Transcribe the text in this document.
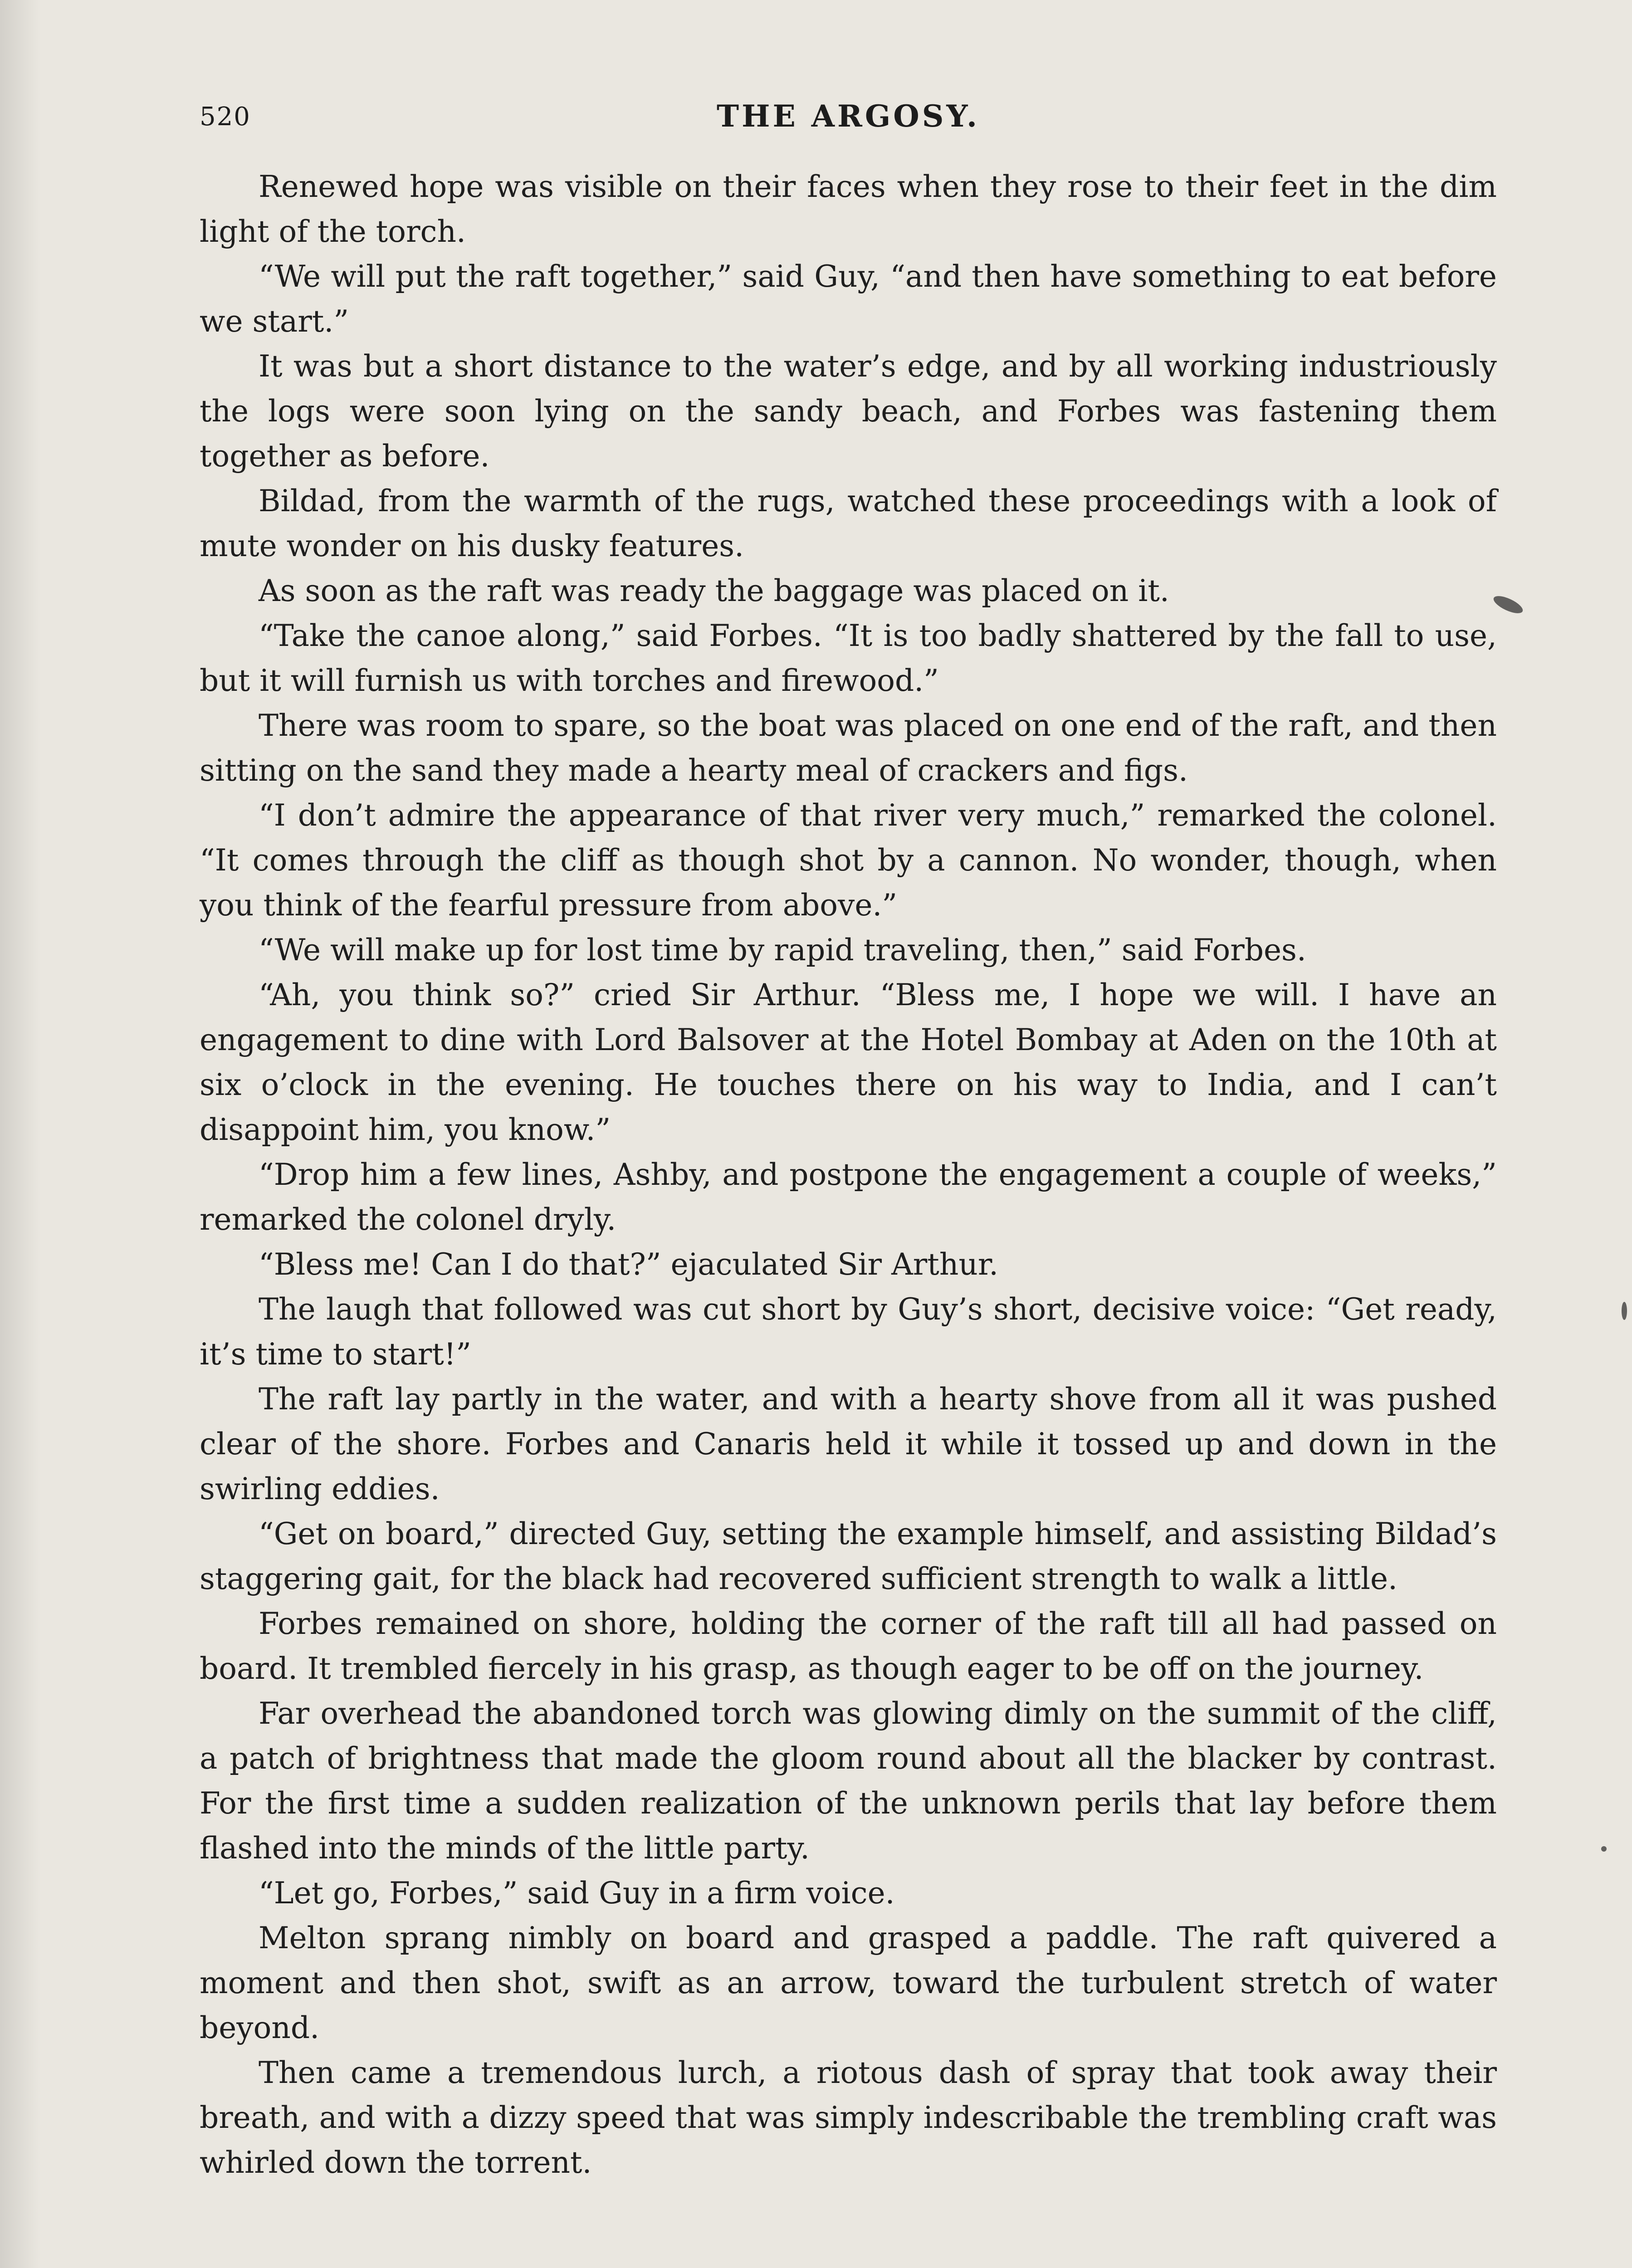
520	THE ARGOSY.

Renewed hope was visible on their faces when they rose to their feet in the dim light of the torch.

“We will put the raft together,” said Guy, “and then have something to eat before we start.”

It was but a short distance to the water’s edge, and by all working industriously the logs were soon lying on the sandy beach, and Forbes was fastening them together as before.

Bildad, from the warmth of the rugs, watched these proceedings with a look of mute wonder on his dusky features.

As soon as the raft was ready the baggage was placed on it.

“Take the canoe along,” said Forbes. “It is too badly shattered by the fall to use, but it will furnish us with torches and firewood.”

There was room to spare, so the boat was placed on one end of the raft, and then sitting on the sand they made a hearty meal of crackers and figs.

“I don’t admire the appearance of that river very much,” remarked the colonel. “It comes through the cliff as though shot by a cannon. No wonder, though, when you think of the fearful pressure from above.”

“We will make up for lost time by rapid traveling, then,” said Forbes.

“Ah, you think so?” cried Sir Arthur. “Bless me, I hope we will. I have an engagement to dine with Lord Balsover at the Hotel Bombay at Aden on the 10th at six o’clock in the evening. He touches there on his way to India, and I can’t disappoint him, you know.”

“Drop him a few lines, Ashby, and postpone the engagement a couple of weeks,” remarked the colonel dryly.

“Bless me! Can I do that?” ejaculated Sir Arthur.

The laugh that followed was cut short by Guy’s short, decisive voice: “Get ready, it’s time to start!”

The raft lay partly in the water, and with a hearty shove from all it was pushed clear of the shore. Forbes and Canaris held it while it tossed up and down in the swirling eddies.

“Get on board,” directed Guy, setting the example himself, and assisting Bildad’s staggering gait, for the black had recovered sufficient strength to walk a little.

Forbes remained on shore, holding the corner of the raft till all had passed on board. It trembled fiercely in his grasp, as though eager to be off on the journey.

Far overhead the abandoned torch was glowing dimly on the summit of the cliff, a patch of brightness that made the gloom round about all the blacker by contrast. For the first time a sudden realization of the unknown perils that lay before them flashed into the minds of the little party.

“Let go, Forbes,” said Guy in a firm voice.

Melton sprang nimbly on board and grasped a paddle. The raft quivered a moment and then shot, swift as an arrow, toward the turbulent stretch of water beyond.

Then came a tremendous lurch, a riotous dash of spray that took away their breath, and with a dizzy speed that was simply indescribable the trembling craft was whirled down the torrent.
